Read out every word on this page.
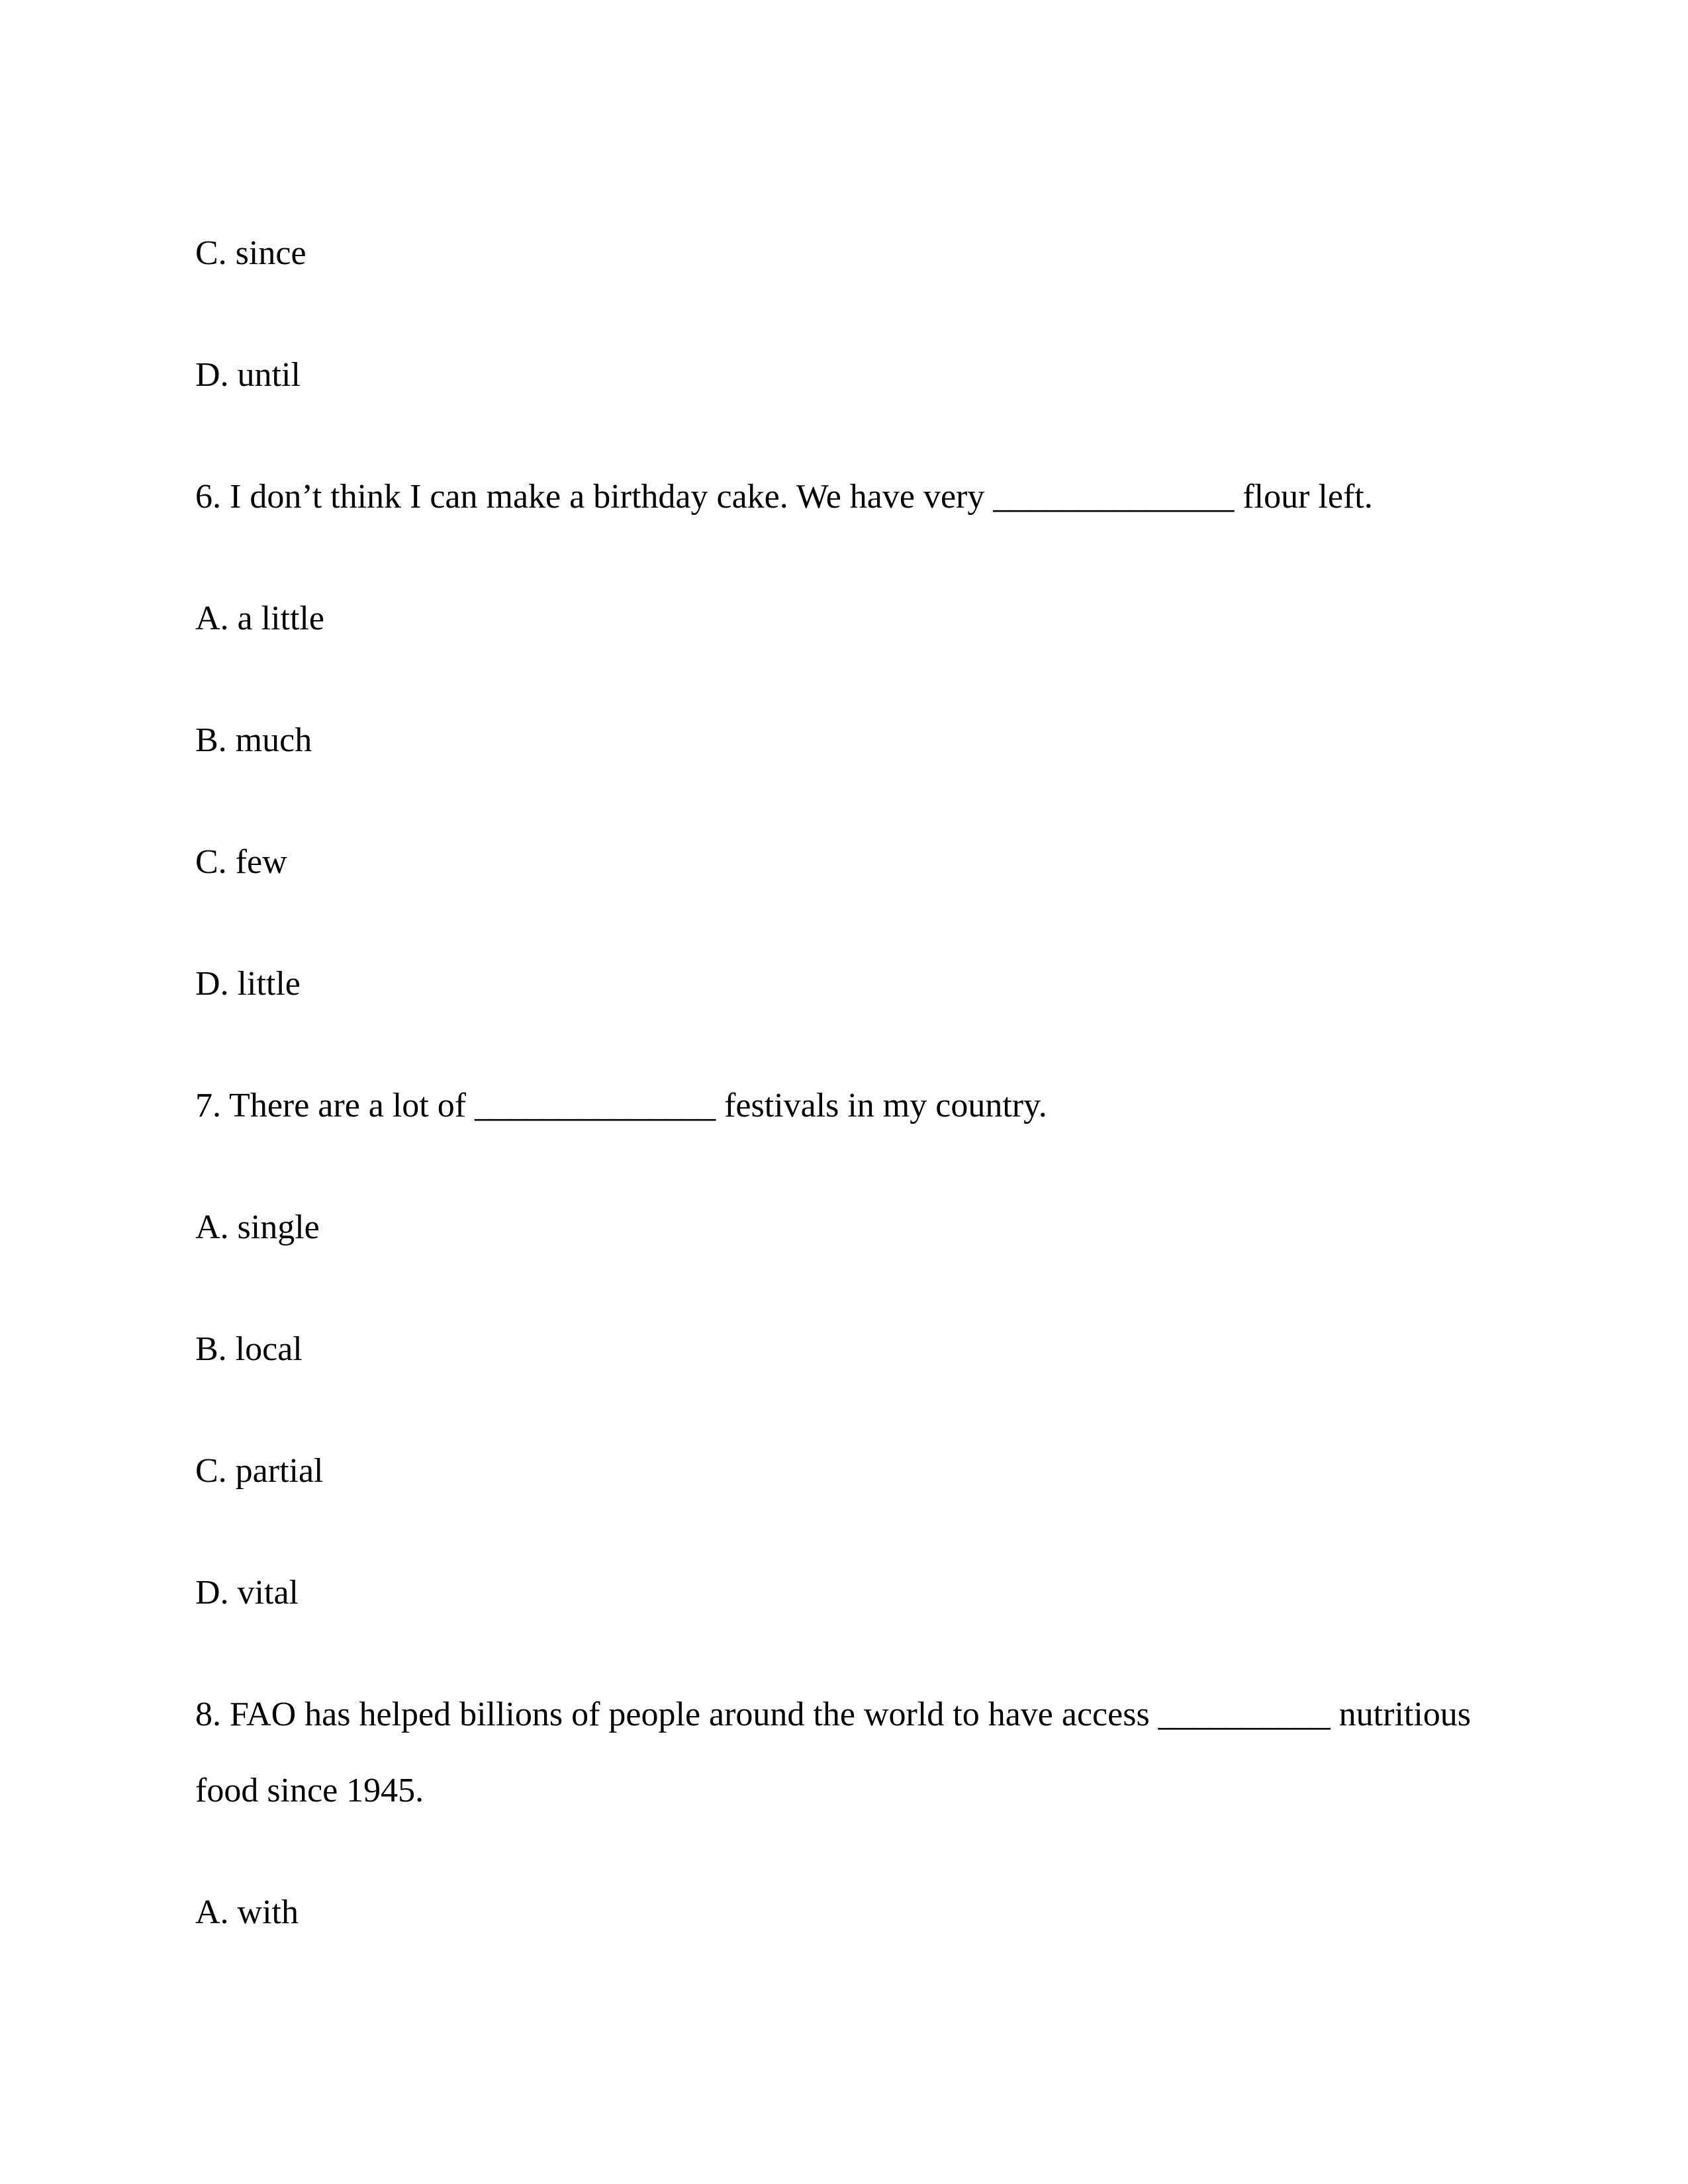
C. since

D. until

6. I don’t think I can make a birthday cake. We have very ______________ flour left.

A. a little

B. much

C. few

D. little

7. There are a lot of ______________ festivals in my country.

A. single

B. local

C. partial

D. vital

8. FAO has helped billions of people around the world to have access __________ nutritious food since 1945.

A. with
